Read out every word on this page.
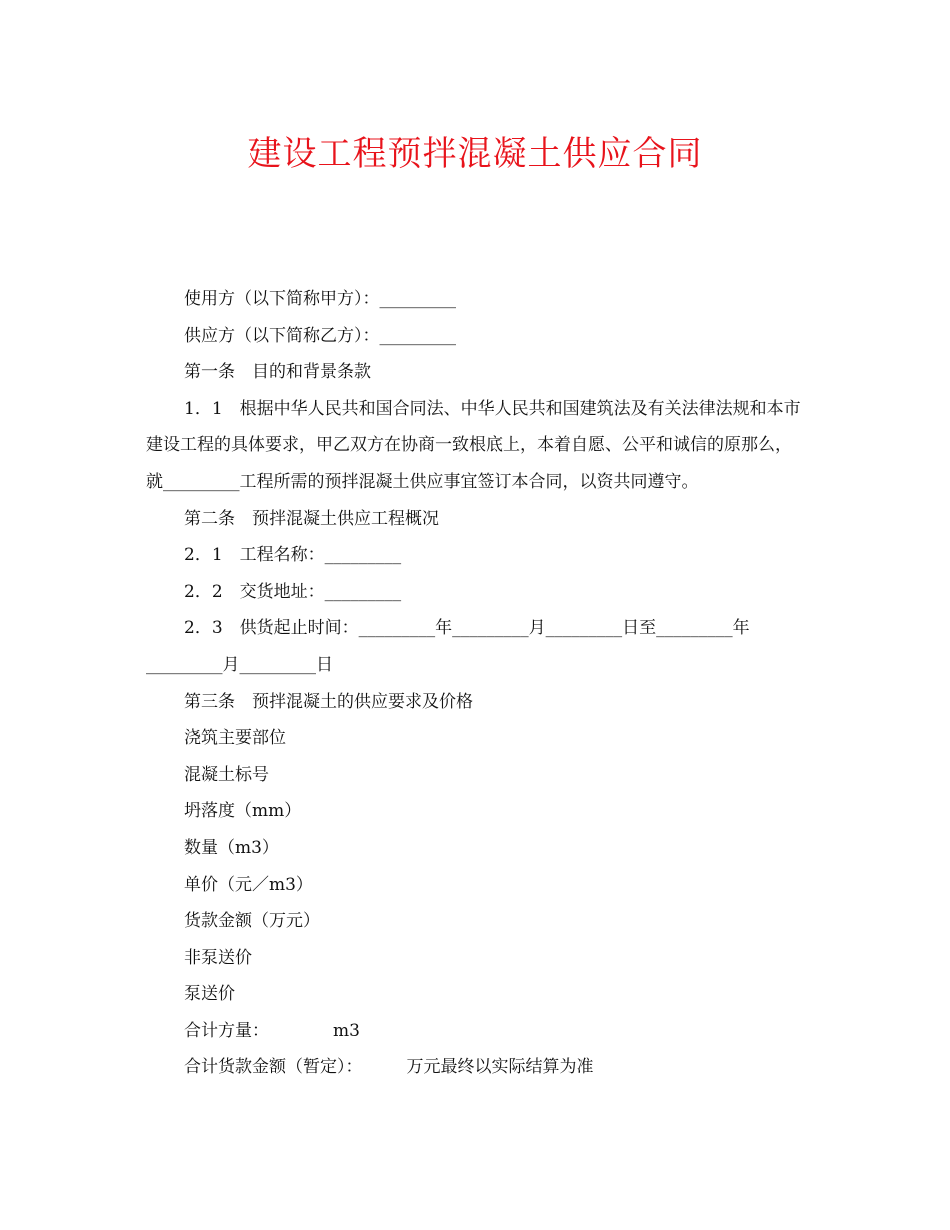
建设工程预拌混凝土供应合同

使用方（以下简称甲方）：_________

供应方（以下简称乙方）：_________

第一条　目的和背景条款

1．1　根据中华人民共和国合同法、中华人民共和国建筑法及有关法律法规和本市建设工程的具体要求，甲乙双方在协商一致根底上，本着自愿、公平和诚信的原那么，就_________工程所需的预拌混凝土供应事宜签订本合同，以资共同遵守。

第二条　预拌混凝土供应工程概况

2．1　工程名称：_________

2．2　交货地址：_________

2．3　供货起止时间：_________年_________月_________日至_________年_________月_________日

第三条　预拌混凝土的供应要求及价格

浇筑主要部位

混凝土标号

坍落度（mm）

数量（m3）

单价（元／m3）

货款金额（万元）

非泵送价

泵送价

合计方量：	m3

合计货款金额（暂定）：	万元最终以实际结算为准
